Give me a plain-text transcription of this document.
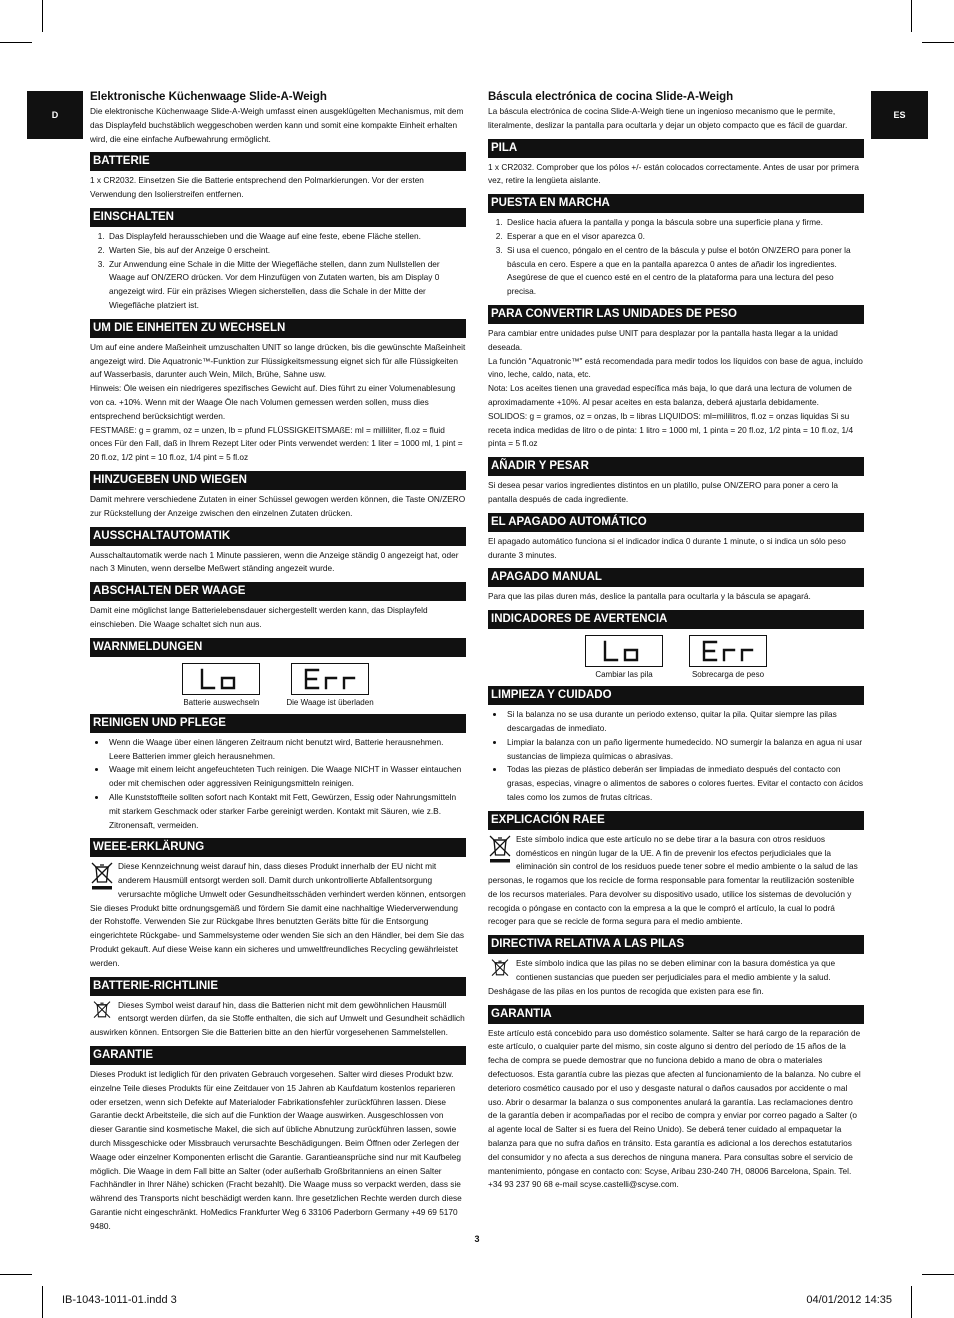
D	ES
Elektronische Küchenwaage Slide-A-Weigh

Die elektronische Küchenwaage Slide-A-Weigh umfasst einen ausgeklügelten Mechanismus, mit dem das Displayfeld buchstäblich weggeschoben werden kann und somit eine kompakte Einheit erhalten wird, die eine einfache Aufbewahrung ermöglicht.

BATTERIE

1 x CR2032. Einsetzen Sie die Batterie entsprechend den Polmarkierungen. Vor der ersten Verwendung den Isolierstreifen entfernen.

EINSCHALTEN
1. Das Displayfeld herausschieben und die Waage auf eine feste, ebene Fläche stellen.
2. Warten Sie, bis auf der Anzeige 0 erscheint.
3. Zur Anwendung eine Schale in die Mitte der Wiegefläche stellen, dann zum Nullstellen der Waage auf ON/ZERO drücken. Vor dem Hinzufügen von Zutaten warten, bis am Display 0 angezeigt wird. Für ein präzises Wiegen sicherstellen, dass die Schale in der Mitte der Wiegefläche platziert ist.
UM DIE EINHEITEN ZU WECHSELN

Um auf eine andere Maßeinheit umzuschalten UNIT so lange drücken, bis die gewünschte Maßeinheit angezeigt wird. Die Aquatronic™-Funktion zur Flüssigkeitsmessung eignet sich für alle Flüssigkeiten auf Wasserbasis, darunter auch Wein, Milch, Brühe, Sahne usw.

Hinweis: Öle weisen ein niedrigeres spezifisches Gewicht auf. Dies führt zu einer Volumenablesung von ca. +10%. Wenn mit der Waage Öle nach Volumen gemessen werden sollen, muss dies entsprechend berücksichtigt werden.

FESTMAßE: g = gramm, oz = unzen, lb = pfund FLÜSSIGKEITSMAßE: ml = milliliter, fl.oz = fluid onces Für den Fall, daß in Ihrem Rezept Liter oder Pints verwendet werden: 1 liter = 1000 ml, 1 pint = 20 fl.oz, 1/2 pint = 10 fl.oz, 1/4 pint = 5 fl.oz

HINZUGEBEN UND WIEGEN

Damit mehrere verschiedene Zutaten in einer Schüssel gewogen werden können, die Taste ON/ZERO zur Rückstellung der Anzeige zwischen den einzelnen Zutaten drücken.

AUSSCHALTAUTOMATIK

Ausschaltautomatik werde nach 1 Minute passieren, wenn die Anzeige ständig 0 angezeigt hat, oder nach 3 Minuten, wenn derselbe Meßwert ständing angezeit wurde.

ABSCHALTEN DER WAAGE

Damit eine möglichst lange Batterielebensdauer sichergestellt werden kann, das Displayfeld einschieben. Die Waage schaltet sich nun aus.

WARNMELDUNGEN
Batterie auswechseln	Die Waage ist überladen
REINIGEN UND PFLEGE
• Wenn die Waage über einen längeren Zeitraum nicht benutzt wird, Batterie herausnehmen. Leere Batterien immer gleich herausnehmen.
• Waage mit einem leicht angefeuchteten Tuch reinigen. Die Waage NICHT in Wasser eintauchen oder mit chemischen oder aggressiven Reinigungsmitteln reinigen.
• Alle Kunststoffteile sollten sofort nach Kontakt mit Fett, Gewürzen, Essig oder Nahrungsmitteln mit starkem Geschmack oder starker Farbe gereinigt werden. Kontakt mit Säuren, wie z.B. Zitronensaft, vermeiden.
WEEE-ERKLÄRUNG

Diese Kennzeichnung weist darauf hin, dass dieses Produkt innerhalb der EU nicht mit anderem Hausmüll entsorgt werden soll. Damit durch unkontrollierte Abfallentsorgung verursachte mögliche Umwelt oder Gesundheitsschäden verhindert werden können, entsorgen Sie dieses Produkt bitte ordnungsgemäß und fördern Sie damit eine nachhaltige Wiederverwendung der Rohstoffe. Verwenden Sie zur Rückgabe Ihres benutzten Geräts bitte für die Entsorgung eingerichtete Rückgabe- und Sammelsysteme oder wenden Sie sich an den Händler, bei dem Sie das Produkt gekauft. Auf diese Weise kann ein sicheres und umweltfreundliches Recycling gewährleistet werden.

BATTERIE-RICHTLINIE

Dieses Symbol weist darauf hin, dass die Batterien nicht mit dem gewöhnlichen Hausmüll entsorgt werden dürfen, da sie Stoffe enthalten, die sich auf Umwelt und Gesundheit schädlich auswirken können. Entsorgen Sie die Batterien bitte an den hierfür vorgesehenen Sammelstellen.

GARANTIE

Dieses Produkt ist lediglich für den privaten Gebrauch vorgesehen. Salter wird dieses Produkt bzw. einzelne Teile dieses Produkts für eine Zeitdauer von 15 Jahren ab Kaufdatum kostenlos reparieren oder ersetzen, wenn sich Defekte auf Materialoder Fabrikationsfehler zurückführen lassen. Diese Garantie deckt Arbeitsteile, die sich auf die Funktion der Waage auswirken. Ausgeschlossen von dieser Garantie sind kosmetische Makel, die sich auf übliche Abnutzung zurückführen lassen, sowie durch Missgeschicke oder Missbrauch verursachte Beschädigungen. Beim Öffnen oder Zerlegen der Waage oder einzelner Komponenten erlischt die Garantie. Garantieansprüche sind nur mit Kaufbeleg möglich. Die Waage in dem Fall bitte an Salter (oder außerhalb Großbritanniens an einen Salter Fachhändler in Ihrer Nähe) schicken (Fracht bezahlt). Die Waage muss so verpackt werden, dass sie während des Transports nicht beschädigt werden kann. Ihre gesetzlichen Rechte werden durch diese Garantie nicht eingeschränkt. HoMedics Frankfurter Weg 6 33106 Paderborn Germany +49 69 5170 9480.

Báscula electrónica de cocina Slide-A-Weigh

La báscula electrónica de cocina Slide-A-Weigh tiene un ingenioso mecanismo que le permite, literalmente, deslizar la pantalla para ocultarla y dejar un objeto compacto que es fácil de guardar.

PILA

1 x CR2032. Comprober que los pólos +/- están colocados correctamente. Antes de usar por primera vez, retire la lengüeta aislante.

PUESTA EN MARCHA
1. Deslice hacia afuera la pantalla y ponga la báscula sobre una superficie plana y firme.
2. Esperar a que en el visor aparezca 0.
3. Si usa el cuenco, póngalo en el centro de la báscula y pulse el botón ON/ZERO para poner la báscula en cero. Espere a que en la pantalla aparezca 0 antes de añadir los ingredientes. Asegúrese de que el cuenco esté en el centro de la plataforma para una lectura del peso precisa.
PARA CONVERTIR LAS UNIDADES DE PESO

Para cambiar entre unidades pulse UNIT para desplazar por la pantalla hasta llegar a la unidad deseada.

La función "Aquatronic™" está recomendada para medir todos los líquidos con base de agua, incluido vino, leche, caldo, nata, etc.

Nota: Los aceites tienen una gravedad específica más baja, lo que dará una lectura de volumen de aproximadamente +10%. Al pesar aceites en esta balanza, deberá ajustarla debidamente.

SOLIDOS: g = gramos, oz = onzas, lb = libras LIQUIDOS: ml=mililitros, fl.oz = onzas liquidas Si su receta indica medidas de litro o de pinta: 1 litro = 1000 ml, 1 pinta = 20 fl.oz, 1/2 pinta = 10 fl.oz, 1/4 pinta = 5 fl.oz

AÑADIR Y PESAR

Si desea pesar varios ingredientes distintos en un platillo, pulse ON/ZERO para poner a cero la pantalla después de cada ingrediente.

EL APAGADO AUTOMÁTICO

El apagado automático funciona si el indicador indica 0 durante 1 minute, o si indica un sólo peso durante 3 minutes.

APAGADO MANUAL

Para que las pilas duren más, deslice la pantalla para ocultarla y la báscula se apagará.

INDICADORES DE AVERTENCIA
Cambiar las pila	Sobrecarga de peso
LIMPIEZA Y CUIDADO
• Si la balanza no se usa durante un periodo extenso, quitar la pila. Quitar siempre las pilas descargadas de inmediato.
• Limpiar la balanza con un paño ligermente humedecido. NO sumergir la balanza en agua ni usar sustancias de limpieza químicas o abrasivas.
• Todas las piezas de plástico deberán ser limpiadas de inmediato después del contacto con grasas, especias, vinagre o alimentos de sabores o colores fuertes. Evitar el contacto con ácidos tales como los zumos de frutas cítricas.
EXPLICACIÓN RAEE

Este símbolo indica que este artículo no se debe tirar a la basura con otros residuos domésticos en ningún lugar de la UE. A fin de prevenir los efectos perjudiciales que la eliminación sin control de los residuos puede tener sobre el medio ambiente o la salud de las personas, le rogamos que los recicle de forma responsable para fomentar la reutilización sostenible de los recursos materiales. Para devolver su dispositivo usado, utilice los sistemas de devolución y recogida o póngase en contacto con la empresa a la que le compró el artículo, la cual lo podrá recoger para que se recicle de forma segura para el medio ambiente.

DIRECTIVA RELATIVA A LAS PILAS

Este símbolo indica que las pilas no se deben eliminar con la basura doméstica ya que contienen sustancias que pueden ser perjudiciales para el medio ambiente y la salud. Deshágase de las pilas en los puntos de recogida que existen para ese fin.

GARANTIA

Este artículo está concebido para uso doméstico solamente. Salter se hará cargo de la reparación de este artículo, o cualquier parte del mismo, sin coste alguno si dentro del período de 15 años de la fecha de compra se puede demostrar que no funciona debido a mano de obra o materiales defectuosos. Esta garantía cubre las piezas que afecten al funcionamiento de la balanza. No cubre el deterioro cosmético causado por el uso y desgaste natural o daños causados por accidente o mal uso. Abrir o desarmar la balanza o sus componentes anulará la garantía. Las reclamaciones dentro de la garantía deben ir acompañadas por el recibo de compra y enviar por correo pagado a Salter (o al agente local de Salter si es fuera del Reino Unido). Se deberá tener cuidado al empaquetar la balanza para que no sufra daños en tránsito. Esta garantía es adicional a los derechos estatutarios del consumidor y no afecta a sus derechos de ninguna manera. Para consultas sobre el servicio de mantenimiento, póngase en contacto con: Scyse, Aribau 230-240 7H, 08006 Barcelona, Spain. Tel. +34 93 237 90 68 e-mail scyse.castelli@scyse.com.

3
IB-1043-1011-01.indd 3	04/01/2012 14:35
